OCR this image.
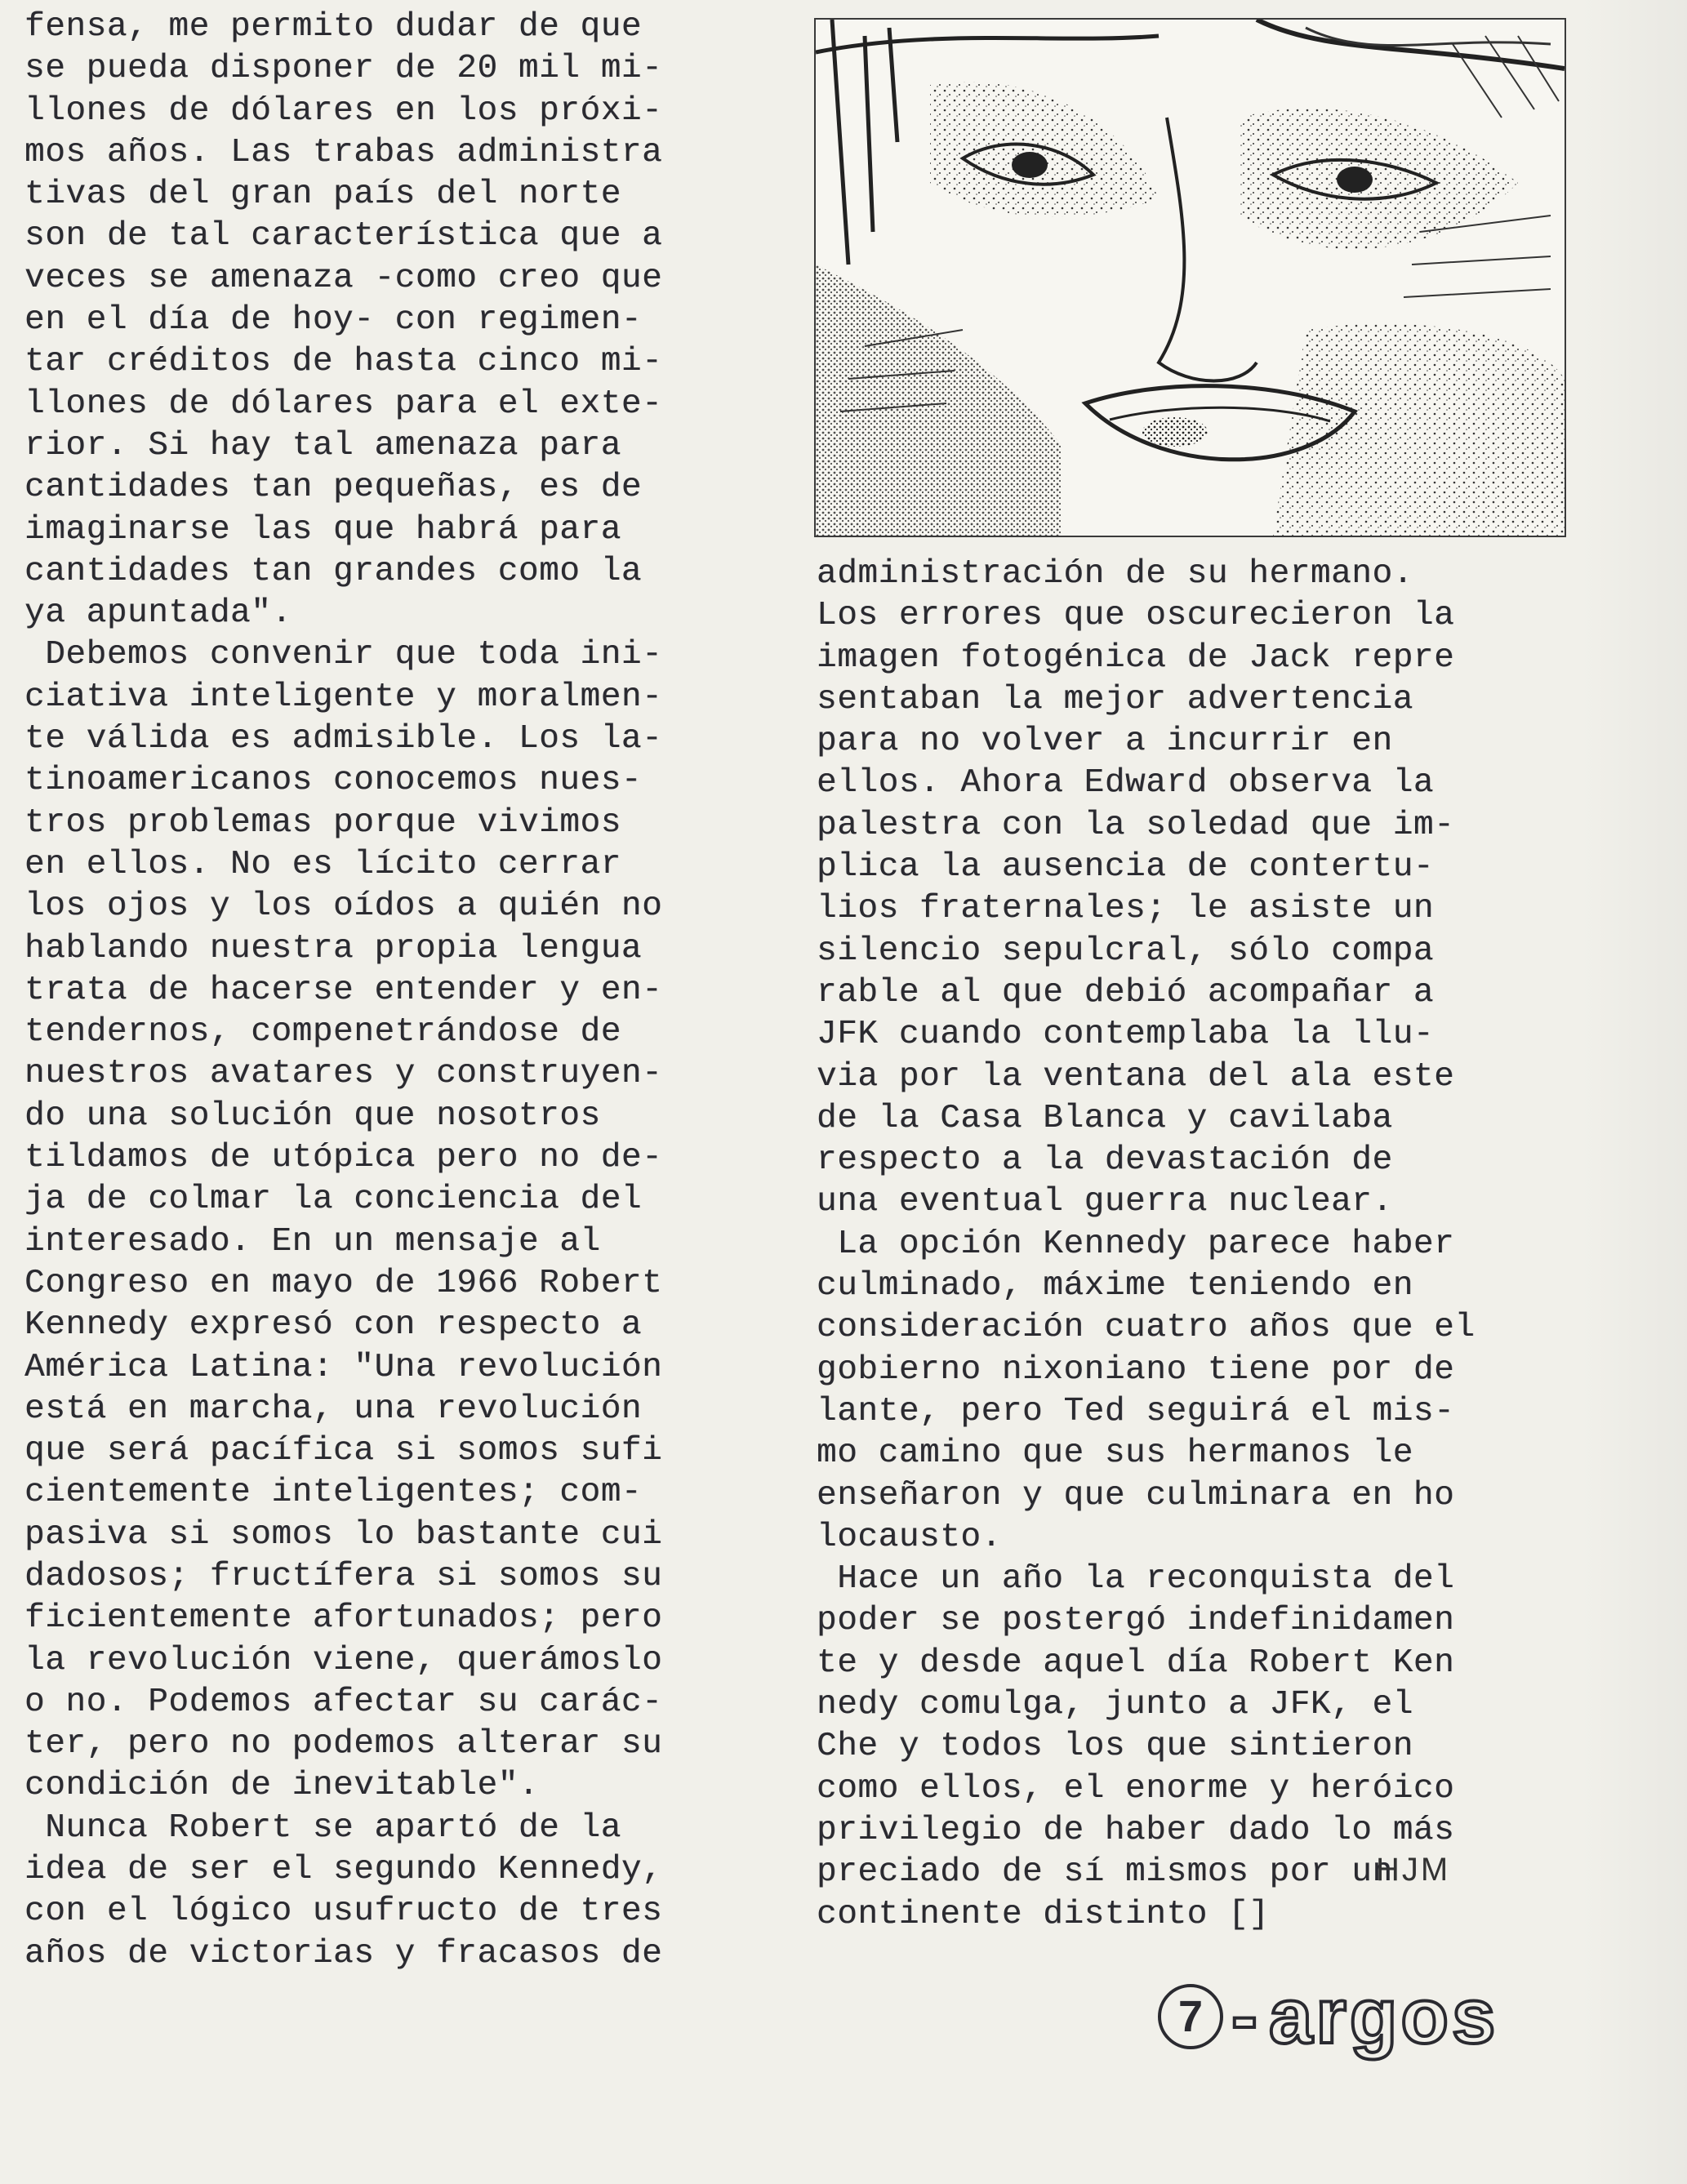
fensa, me permito dudar de que
se pueda disponer de 20 mil mi-
llones de dólares en los próxi-
mos años. Las trabas administra
tivas del gran país del norte
son de tal característica que a
veces se amenaza -como creo que
en el día de hoy- con regimen-
tar créditos de hasta cinco mi-
llones de dólares para el exte-
rior. Si hay tal amenaza para
cantidades tan pequeñas, es de
imaginarse las que habrá para
cantidades tan grandes como la
ya apuntada".
Debemos convenir que toda ini-
ciativa inteligente y moralmen-
te válida es admisible. Los la-
tinoamericanos conocemos nues-
tros problemas porque vivimos
en ellos. No es lícito cerrar
los ojos y los oídos a quién no
hablando nuestra propia lengua
trata de hacerse entender y en-
tendernos, compenetrándose de
nuestros avatares y construyen-
do una solución que nosotros
tildamos de utópica pero no de-
ja de colmar la conciencia del
interesado. En un mensaje al
Congreso en mayo de 1966 Robert
Kennedy expresó con respecto a
América Latina: "Una revolución
está en marcha, una revolución
que será pacífica si somos sufi
cientemente inteligentes; com-
pasiva si somos lo bastante cui
dadosos; fructífera si somos su
ficientemente afortunados; pero
la revolución viene, querámoslo
o no. Podemos afectar su carác-
ter, pero no podemos alterar su
condición de inevitable".
Nunca Robert se apartó de la
idea de ser el segundo Kennedy,
con el lógico usufructo de tres
años de victorias y fracasos de
administración de su hermano.
Los errores que oscurecieron la
imagen fotogénica de Jack repre
sentaban la mejor advertencia
para no volver a incurrir en
ellos. Ahora Edward observa la
palestra con la soledad que im-
plica la ausencia de contertu-
lios fraternales; le asiste un
silencio sepulcral, sólo compa
rable al que debió acompañar a
JFK cuando contemplaba la llu-
via por la ventana del ala este
de la Casa Blanca y cavilaba
respecto a la devastación de
una eventual guerra nuclear.
La opción Kennedy parece haber
culminado, máxime teniendo en
consideración cuatro años que el
gobierno nixoniano tiene por de
lante, pero Ted seguirá el mis-
mo camino que sus hermanos le
enseñaron y que culminara en ho
locausto.
Hace un año la reconquista del
poder se postergó indefinidamen
te y desde aquel día Robert Ken
nedy comulga, junto a JFK, el
Che y todos los que sintieron
como ellos, el enorme y heróico
privilegio de haber dado lo más
preciado de sí mismos por un
continente distinto []
HJM
7 - argos
